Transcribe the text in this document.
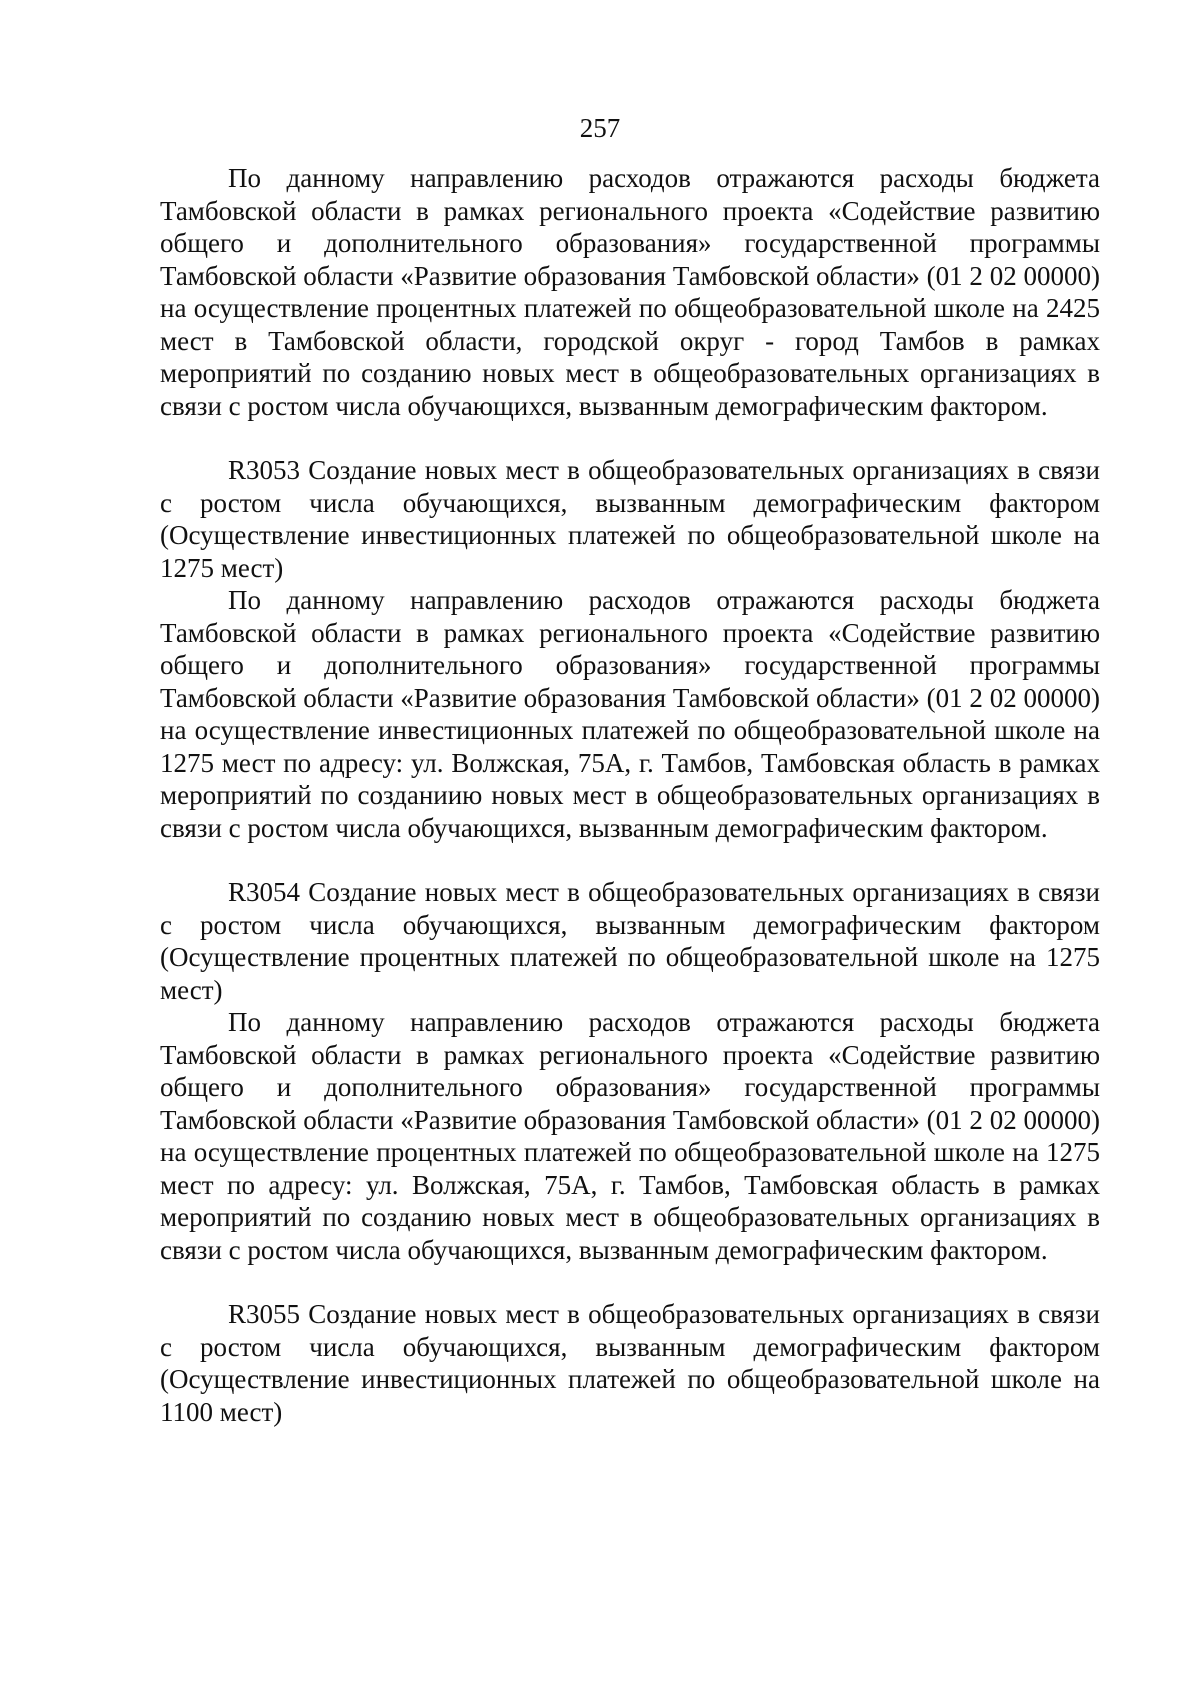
257

По данному направлению расходов отражаются расходы бюджета Тамбовской области в рамках регионального проекта «Содействие развитию общего и дополнительного образования» государственной программы Тамбовской области «Развитие образования Тамбовской области» (01 2 02 00000) на осуществление процентных платежей по общеобразовательной школе на 2425 мест в Тамбовской области, городской округ - город Тамбов в рамках мероприятий по созданию новых мест в общеобразовательных организациях в связи с ростом числа обучающихся, вызванным демографическим фактором.

R3053 Создание новых мест в общеобразовательных организациях в связи с ростом числа обучающихся, вызванным демографическим фактором (Осуществление инвестиционных платежей по общеобразовательной школе на 1275 мест)

По данному направлению расходов отражаются расходы бюджета Тамбовской области в рамках регионального проекта «Содействие развитию общего и дополнительного образования» государственной программы Тамбовской области «Развитие образования Тамбовской области» (01 2 02 00000) на осуществление инвестиционных платежей по общеобразовательной школе на 1275 мест по адресу: ул. Волжская, 75А, г. Тамбов, Тамбовская область в рамках мероприятий по созданиию новых мест в общеобразовательных организациях в связи с ростом числа обучающихся, вызванным демографическим фактором.

R3054 Создание новых мест в общеобразовательных организациях в связи с ростом числа обучающихся, вызванным демографическим фактором (Осуществление процентных платежей по общеобразовательной школе на 1275 мест)

По данному направлению расходов отражаются расходы бюджета Тамбовской области в рамках регионального проекта «Содействие развитию общего и дополнительного образования» государственной программы Тамбовской области «Развитие образования Тамбовской области» (01 2 02 00000) на осуществление процентных платежей по общеобразовательной школе на 1275 мест по адресу: ул. Волжская, 75А, г. Тамбов, Тамбовская область в рамках мероприятий по созданию новых мест в общеобразовательных организациях в связи с ростом числа обучающихся, вызванным демографическим фактором.

R3055 Создание новых мест в общеобразовательных организациях в связи с ростом числа обучающихся, вызванным демографическим фактором (Осуществление инвестиционных платежей по общеобразовательной школе на 1100 мест)
